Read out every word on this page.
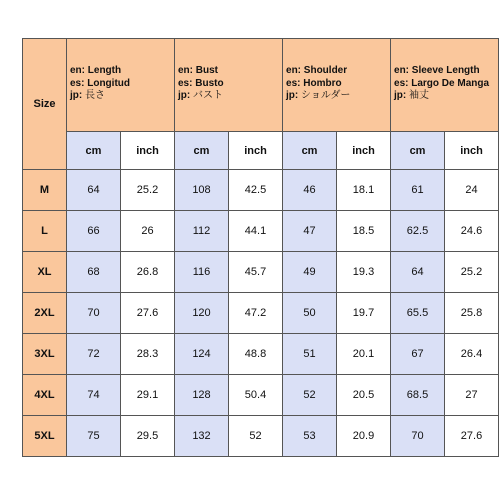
Size	en: Length
es: Longitud
jp: 長さ		en: Bust
es: Busto
jp: バスト		en: Shoulder
es: Hombro
jp: ショルダー		en: Sleeve Length
es: Largo De Manga
jp: 袖丈	

	cm	inch	cm	inch	cm	inch	cm	inch
M	64	25.2	108	42.5	46	18.1	61	24
L	66	26	112	44.1	47	18.5	62.5	24.6
XL	68	26.8	116	45.7	49	19.3	64	25.2
2XL	70	27.6	120	47.2	50	19.7	65.5	25.8
3XL	72	28.3	124	48.8	51	20.1	67	26.4
4XL	74	29.1	128	50.4	52	20.5	68.5	27
5XL	75	29.5	132	52	53	20.9	70	27.6
